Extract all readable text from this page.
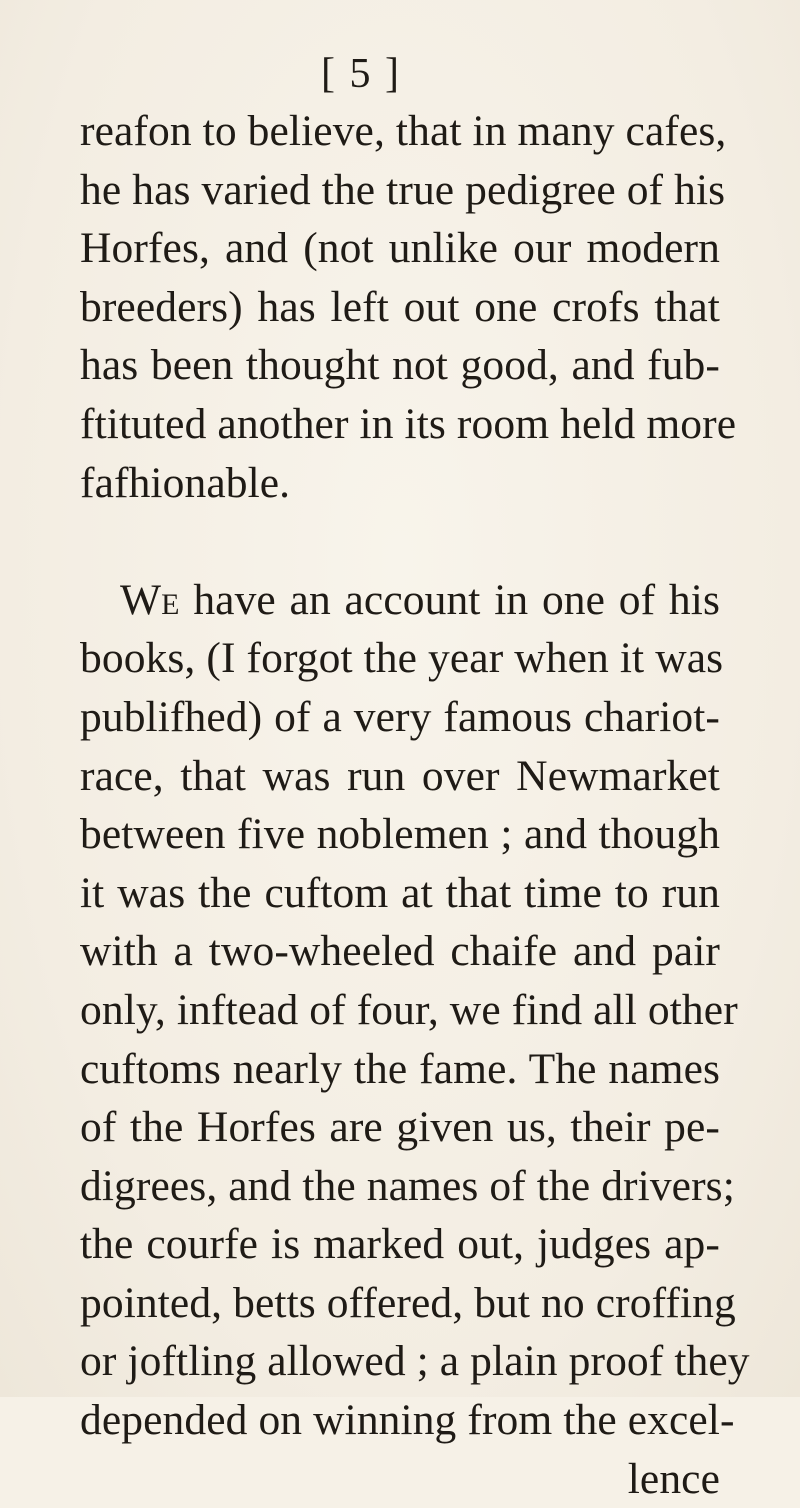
[ 5 ]
reafon to believe, that in many cafes,
he has varied the true pedigree of his
Horfes, and (not unlike our modern
breeders) has left out one crofs that
has been thought not good, and fub-
ftituted another in its room held more
fafhionable.
We have an account in one of his
books, (I forgot the year when it was
publifhed) of a very famous chariot-
race, that was run over Newmarket
between five noblemen ; and though
it was the cuftom at that time to run
with a two-wheeled chaife and pair
only, inftead of four, we find all other
cuftoms nearly the fame. The names
of the Horfes are given us, their pe-
digrees, and the names of the drivers;
the courfe is marked out, judges ap-
pointed, betts offered, but no croffing
or joftling allowed ; a plain proof they
depended on winning from the excel-
lence
